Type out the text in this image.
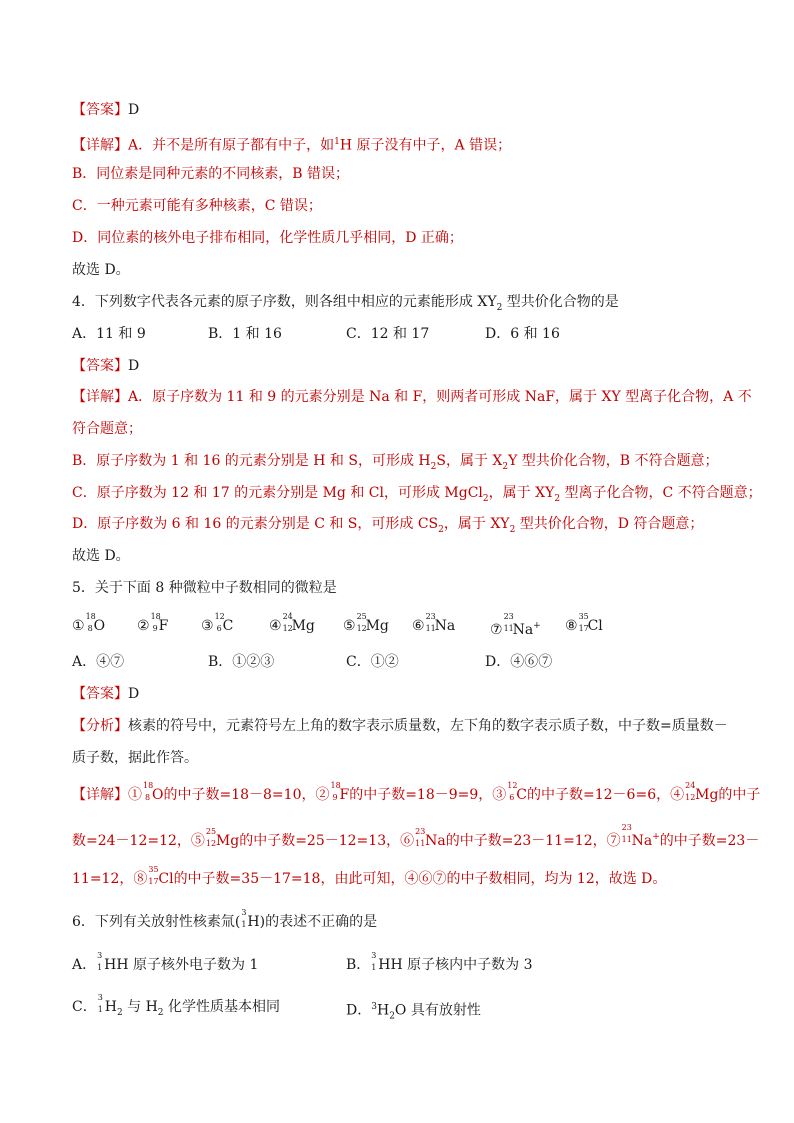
【答案】D
【详解】A．并不是所有原子都有中子，如$^1$H 原子没有中子，A 错误；
B．同位素是同种元素的不同核素，B 错误；
C．一种元素可能有多种核素，C 错误；
D．同位素的核外电子排布相同，化学性质几乎相同，D 正确；
故选 D。
4．下列数字代表各元素的原子序数，则各组中相应的元素能形成 $XY_2$ 型共价化合物的是
A．11 和 9	B．1 和 16	C．12 和 17	D．6 和 16
【答案】D
【详解】A．原子序数为 11 和 9 的元素分别是 Na 和 F，则两者可形成 NaF，属于 XY 型离子化合物，A 不
符合题意；
B．原子序数为 1 和 16 的元素分别是 H 和 S，可形成 $H_2S$，属于 $X_2Y$ 型共价化合物，B 不符合题意；
C．原子序数为 12 和 17 的元素分别是 Mg 和 Cl，可形成 MgCl$_2$，属于 $XY_2$ 型离子化合物，C 不符合题意；
D．原子序数为 6 和 16 的元素分别是 C 和 S，可形成 $CS_2$，属于 $XY_2$ 型共价化合物，D 符合题意；
故选 D。
5．关于下面 8 种微粒中子数相同的微粒是
①
18
8 O ②
18
9 F ③
12
6 C	④
24
12
Mg ⑤
25
12
Mg ⑥
23
11
Na ⑦
23
11
Na+ ⑧
35
17
Cl
A．④⑦	B．①②③	C．①②	D．④⑥⑦
【答案】D
【分析】核素的符号中，元素符号左上角的数字表示质量数，左下角的数字表示质子数，中子数=质量数－
质子数，据此作答。
【详解】①
18
8 O的中子数=18－8=10，②
18
9 F的中子数=18－9=9，③
12
6 C的中子数=12－6=6，④
24
12 Mg的中子
数=24－12=12，⑤
25
12 Mg的中子数=25－12=13，⑥
23
11 Na的中子数=23－11=12，⑦
23
11 Na+的中子数=23－
11=12，⑧
35
17 Cl的中子数=35－17=18，由此可知，④⑥⑦的中子数相同，均为 12，故选 D。
6．下列有关放射性核素氚(
3
1 H)的表述不正确的是
A．
3
1 HH 原子核外电子数为 1	B．
3
1 HH 原子核内中子数为 3
C．
3
1 $H_2$ 与 $H_2$ 化学性质基本相同	D．$^3H_2O$ 具有放射性
